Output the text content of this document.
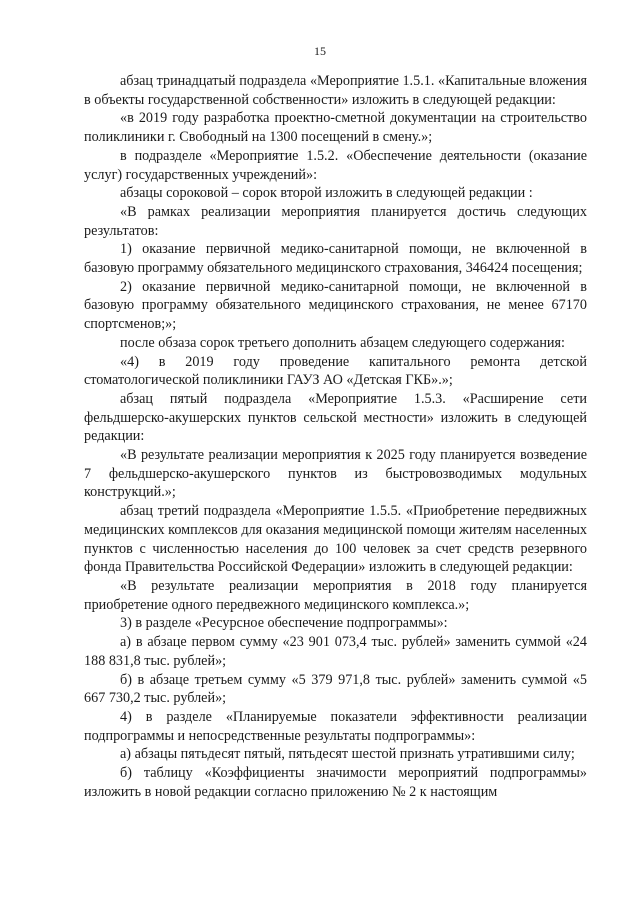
15

абзац тринадцатый подраздела «Мероприятие 1.5.1. «Капитальные вложения в объекты государственной собственности» изложить в следующей редакции:

«в 2019 году разработка проектно-сметной документации на строительство поликлиники г. Свободный на 1300 посещений в смену.»;

в подразделе «Мероприятие 1.5.2. «Обеспечение деятельности (оказание услуг) государственных учреждений»:

абзацы сороковой – сорок второй изложить в следующей редакции :

«В рамках реализации мероприятия планируется достичь следующих результатов:

1) оказание первичной медико-санитарной помощи, не включенной в базовую программу обязательного медицинского страхования, 346424 посещения;

2) оказание первичной медико-санитарной помощи, не включенной в базовую программу обязательного медицинского страхования, не менее 67170 спортсменов;»;

после обзаза сорок третьего дополнить абзацем следующего содержания:

«4) в 2019 году проведение капитального ремонта детской стоматологической поликлиники ГАУЗ АО «Детская ГКБ».»;

абзац пятый подраздела «Мероприятие 1.5.3. «Расширение сети фельдшерско-акушерских пунктов сельской местности» изложить в следующей редакции:

«В результате реализации мероприятия к 2025 году планируется возведение 7 фельдшерско-акушерского пунктов из быстровозводимых модульных конструкций.»;

абзац третий подраздела «Мероприятие 1.5.5. «Приобретение передвижных медицинских комплексов для оказания медицинской помощи жителям населенных пунктов с численностью населения до 100 человек за счет средств резервного фонда Правительства Российской Федерации» изложить в следующей редакции:

«В результате реализации мероприятия в 2018 году планируется приобретение одного передвежного медицинского комплекса.»;

3) в разделе «Ресурсное обеспечение подпрограммы»:

а) в абзаце первом сумму «23 901 073,4 тыс. рублей» заменить суммой «24 188 831,8 тыс. рублей»;

б) в абзаце третьем сумму «5 379 971,8 тыс. рублей» заменить суммой «5 667 730,2 тыс. рублей»;

4) в разделе «Планируемые показатели эффективности реализации подпрограммы и непосредственные результаты подпрограммы»:

а) абзацы пятьдесят пятый, пятьдесят шестой признать утратившими силу;

б) таблицу «Коэффициенты значимости мероприятий подпрограммы» изложить в новой редакции согласно приложению № 2 к настоящим
